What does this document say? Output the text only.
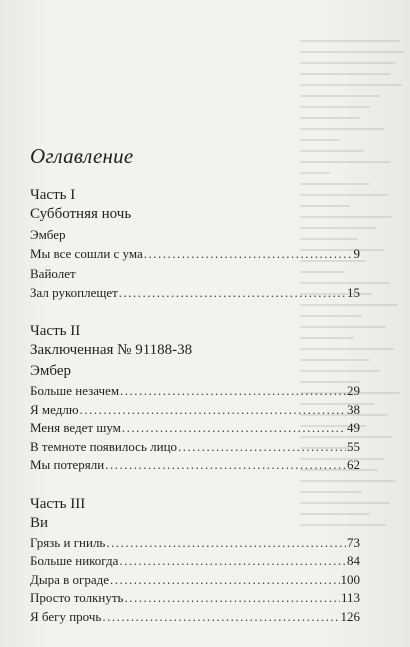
Оглавление
Часть I
Субботняя ночь
Эмбер
Мы все сошли с ума .....	9
Вайолет
Зал рукоплещет .....	15
Часть II
Заключенная № 91188-38
Эмбер
Больше незачем .....	29
Я медлю .....	38
Меня ведет шум .....	49
В темноте появилось лицо .....	55
Мы потеряли .....	62
Часть III
Ви
Грязь и гниль .....	73
Больше никогда .....	84
Дыра в ограде .....	100
Просто толкнуть .....	113
Я бегу прочь .....	126
